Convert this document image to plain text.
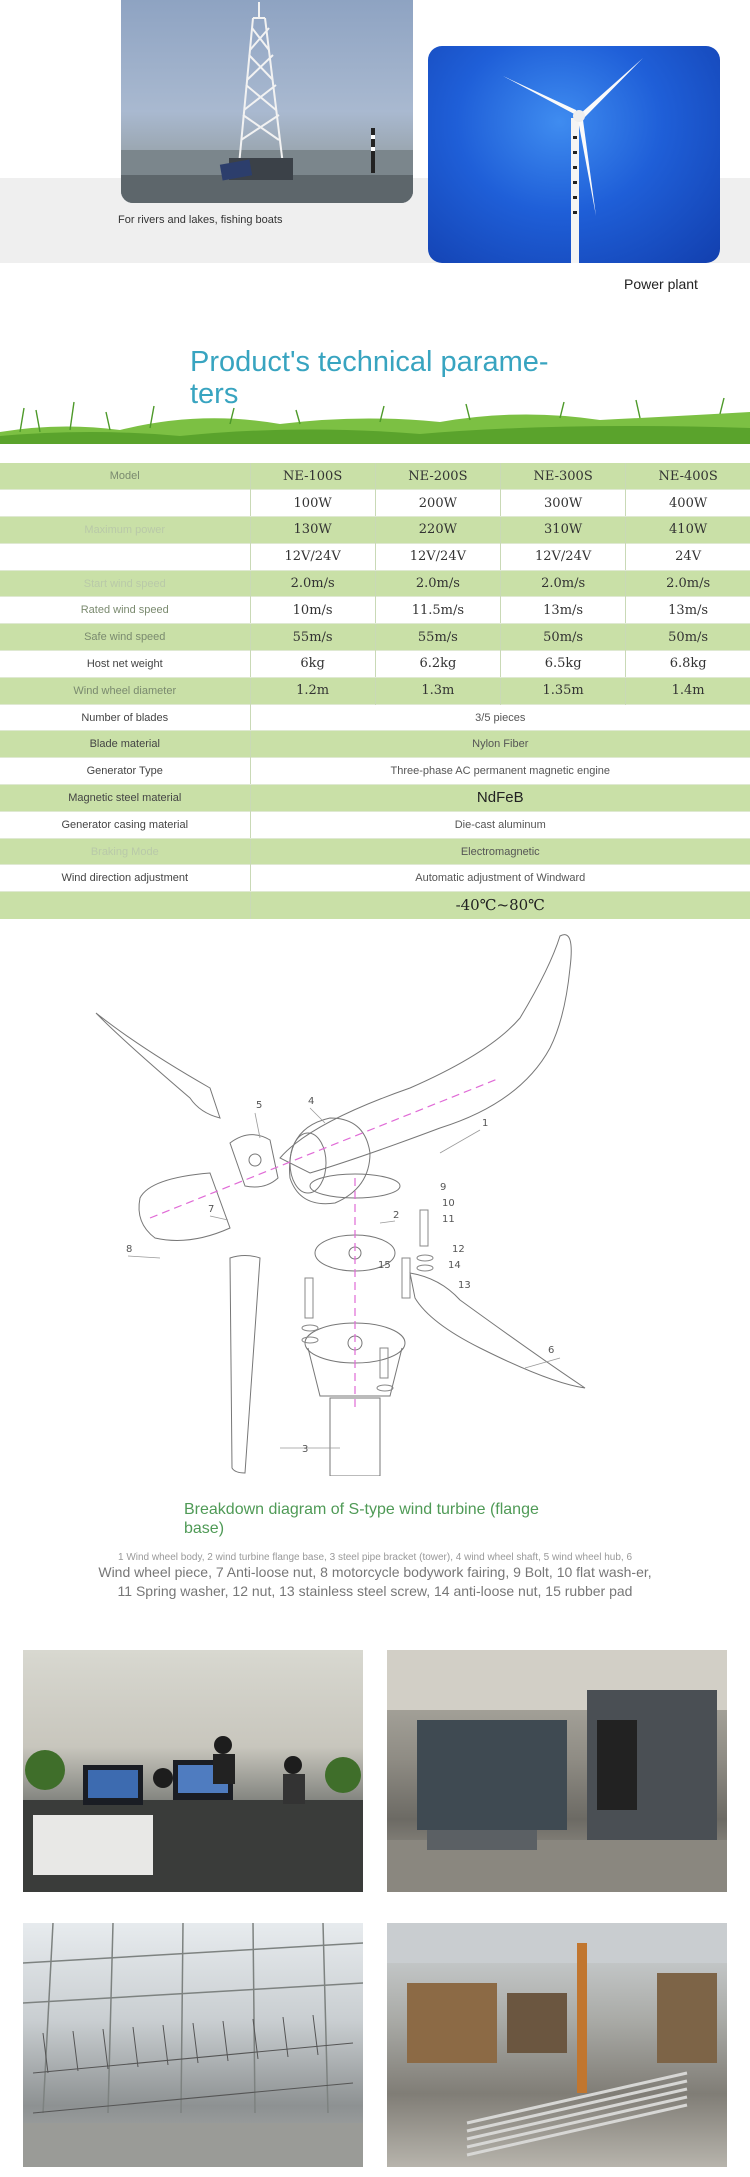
For rivers and lakes, fishing boats
Power plant
Product's technical parame-ters
Model	NE-100S	NE-200S	NE-300S	NE-400S
	100W	200W	300W	400W
Maximum power	130W	220W	310W	410W
	12V/24V	12V/24V	12V/24V	24V
Start wind speed	2.0m/s	2.0m/s	2.0m/s	2.0m/s
Rated wind speed	10m/s	11.5m/s	13m/s	13m/s
Safe wind speed	55m/s	55m/s	50m/s	50m/s
Host net weight	6kg	6.2kg	6.5kg	6.8kg
Wind wheel diameter	1.2m	1.3m	1.35m	1.4m
Number of blades	3/5 pieces			
Blade material	Nylon Fiber			
Generator Type	Three-phase AC permanent magnetic engine			
Magnetic steel material	NdFeB			
Generator casing material	Die-cast aluminum			
Braking Mode	Electromagnetic			
Wind direction adjustment	Automatic adjustment of Windward			
	-40℃~80℃			
1
2
3
4
5
6
7
8
9
10
11
12
13
14
15
Breakdown diagram of S-type wind turbine (flange base)
1 Wind wheel body, 2 wind turbine flange base, 3 steel pipe bracket (tower), 4 wind wheel shaft, 5 wind wheel hub, 6
Wind wheel piece, 7 Anti-loose nut, 8 motorcycle bodywork fairing, 9 Bolt, 10 flat wash-er, 11 Spring washer, 12 nut, 13 stainless steel screw, 14 anti-loose nut, 15 rubber pad
